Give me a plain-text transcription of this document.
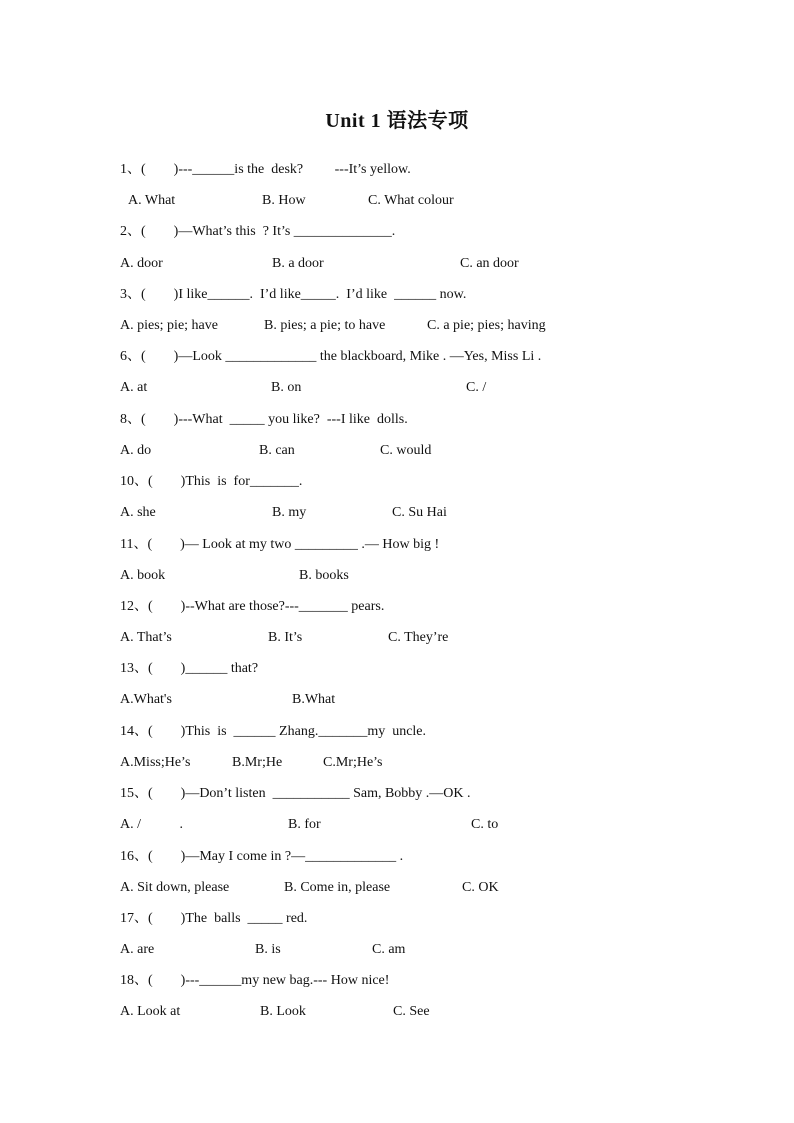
Unit 1 语法专项
1、(        )---______is the  desk?         ---It’s yellow.
A. What	B. How	C. What colour
2、(        )—What’s this  ? It’s ______________.
A. door	B. a door	C. an door
3、(        )I like______.  I’d like_____.  I’d like  ______ now.
A. pies; pie; have	B. pies; a pie; to have	C. a pie; pies; having
6、(        )—Look _____________ the blackboard, Mike . —Yes, Miss Li .
A. at	B. on	C. /
8、(        )---What  _____ you like?  ---I like  dolls.
A. do	B. can	C. would
10、(        )This  is  for_______.
A. she	B. my	C. Su Hai
11、(        )— Look at my two _________ .— How big !
A. book	B. books
12、(        )--What are those?---_______ pears.
A. That’s	B. It’s	C. They’re
13、(        )______ that?
A.What's	B.What
14、(        )This  is  ______ Zhang._______my  uncle.
A.Miss;He’s	B.Mr;He	C.Mr;He’s
15、(        )—Don’t listen  ___________ Sam, Bobby .—OK .
A. /           .	B. for	C. to
16、(        )—May I come in ?—_____________ .
A. Sit down, please	B. Come in, please	C. OK
17、(        )The  balls  _____ red.
A. are	B. is	C. am
18、(        )---______my new bag.--- How nice!
A. Look at	B. Look	C. See
